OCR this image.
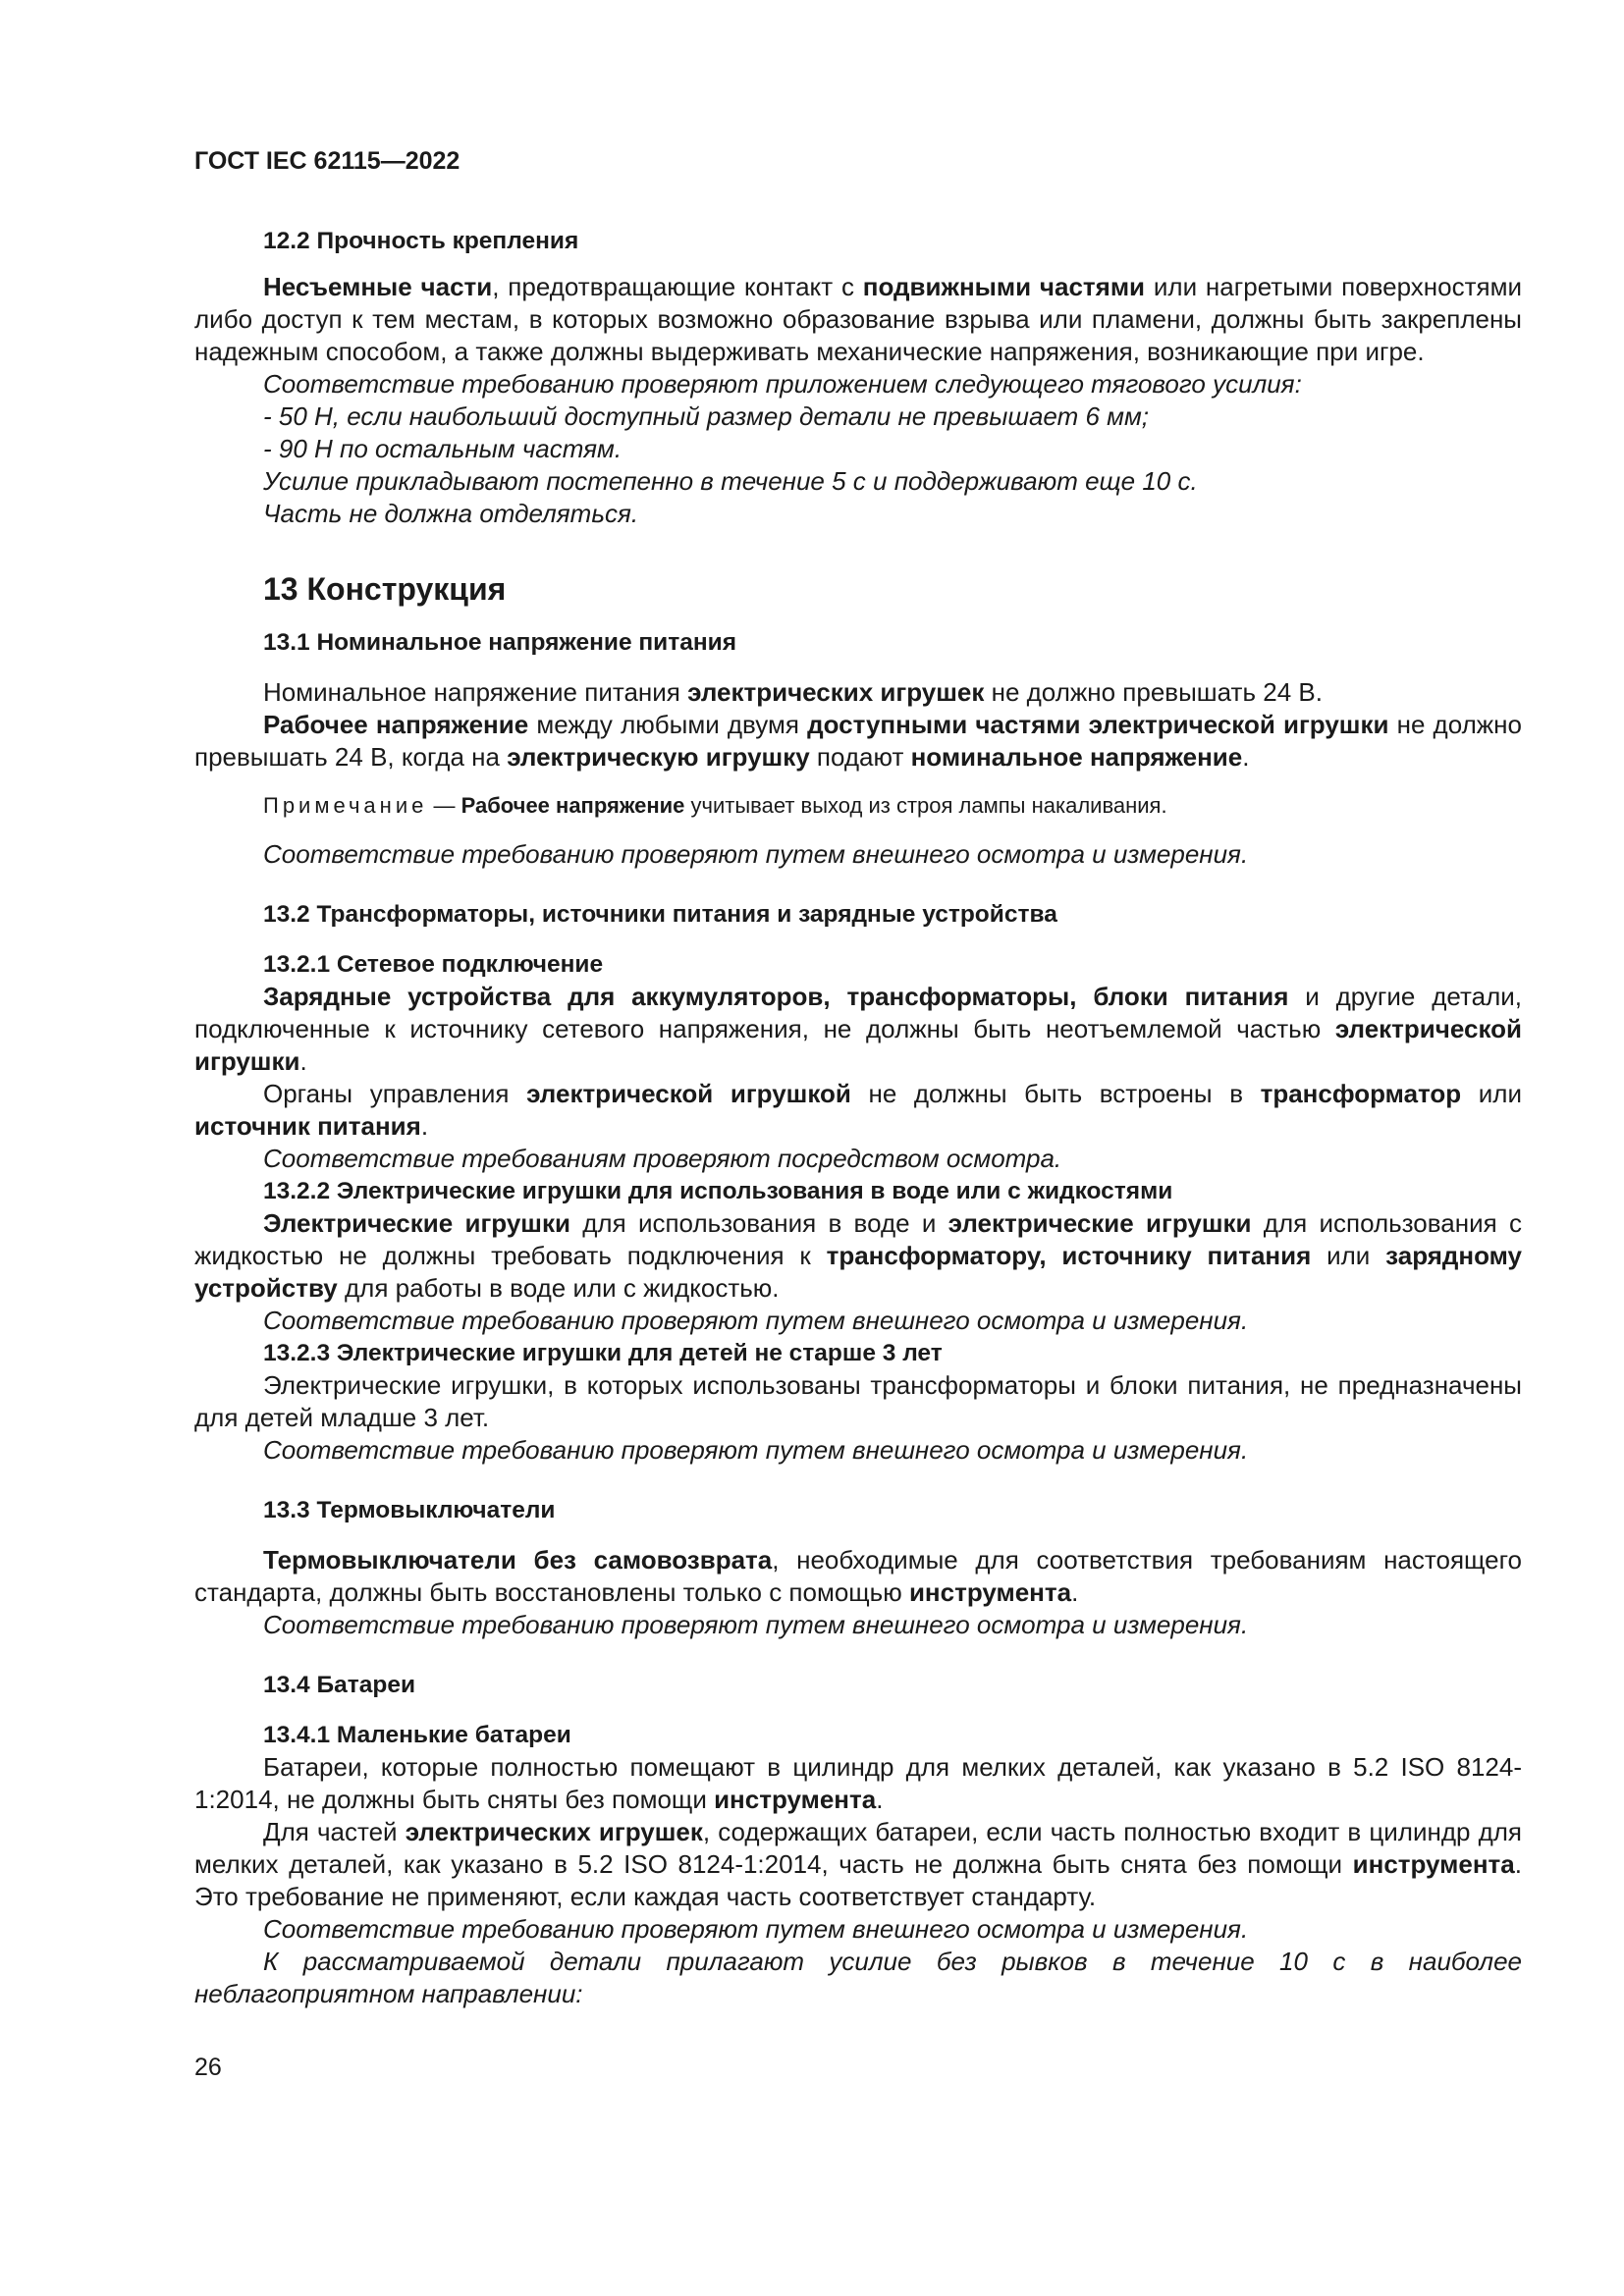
ГОСТ IEC 62115—2022
12.2 Прочность крепления

Несъемные части, предотвращающие контакт с подвижными частями или нагретыми поверхностями либо доступ к тем местам, в которых возможно образование взрыва или пламени, должны быть закреплены надежным способом, а также должны выдерживать механические напряжения, возникающие при игре.

Соответствие требованию проверяют приложением следующего тягового усилия:

- 50 Н, если наибольший доступный размер детали не превышает 6 мм;

- 90 Н по остальным частям.

Усилие прикладывают постепенно в течение 5 с и поддерживают еще 10 с.

Часть не должна отделяться.

13 Конструкция
13.1 Номинальное напряжение питания

Номинальное напряжение питания электрических игрушек не должно превышать 24 В.

Рабочее напряжение между любыми двумя доступными частями электрической игрушки не должно превышать 24 В, когда на электрическую игрушку подают номинальное напряжение.

Примечание — Рабочее напряжение учитывает выход из строя лампы накаливания.

Соответствие требованию проверяют путем внешнего осмотра и измерения.

13.2 Трансформаторы, источники питания и зарядные устройства
13.2.1 Сетевое подключение

Зарядные устройства для аккумуляторов, трансформаторы, блоки питания и другие детали, подключенные к источнику сетевого напряжения, не должны быть неотъемлемой частью электрической игрушки.

Органы управления электрической игрушкой не должны быть встроены в трансформатор или источник питания.

Соответствие требованиям проверяют посредством осмотра.

13.2.2 Электрические игрушки для использования в воде или с жидкостями

Электрические игрушки для использования в воде и электрические игрушки для использования с жидкостью не должны требовать подключения к трансформатору, источнику питания или зарядному устройству для работы в воде или с жидкостью.

Соответствие требованию проверяют путем внешнего осмотра и измерения.

13.2.3 Электрические игрушки для детей не старше 3 лет

Электрические игрушки, в которых использованы трансформаторы и блоки питания, не предназначены для детей младше 3 лет.

Соответствие требованию проверяют путем внешнего осмотра и измерения.

13.3 Термовыключатели

Термовыключатели без самовозврата, необходимые для соответствия требованиям настоящего стандарта, должны быть восстановлены только с помощью инструмента.

Соответствие требованию проверяют путем внешнего осмотра и измерения.

13.4 Батареи
13.4.1 Маленькие батареи

Батареи, которые полностью помещают в цилиндр для мелких деталей, как указано в 5.2 ISO 8124-1:2014, не должны быть сняты без помощи инструмента.

Для частей электрических игрушек, содержащих батареи, если часть полностью входит в цилиндр для мелких деталей, как указано в 5.2 ISO 8124-1:2014, часть не должна быть снята без помощи инструмента. Это требование не применяют, если каждая часть соответствует стандарту.

Соответствие требованию проверяют путем внешнего осмотра и измерения.

К рассматриваемой детали прилагают усилие без рывков в течение 10 с в наиболее неблагоприятном направлении:

26
